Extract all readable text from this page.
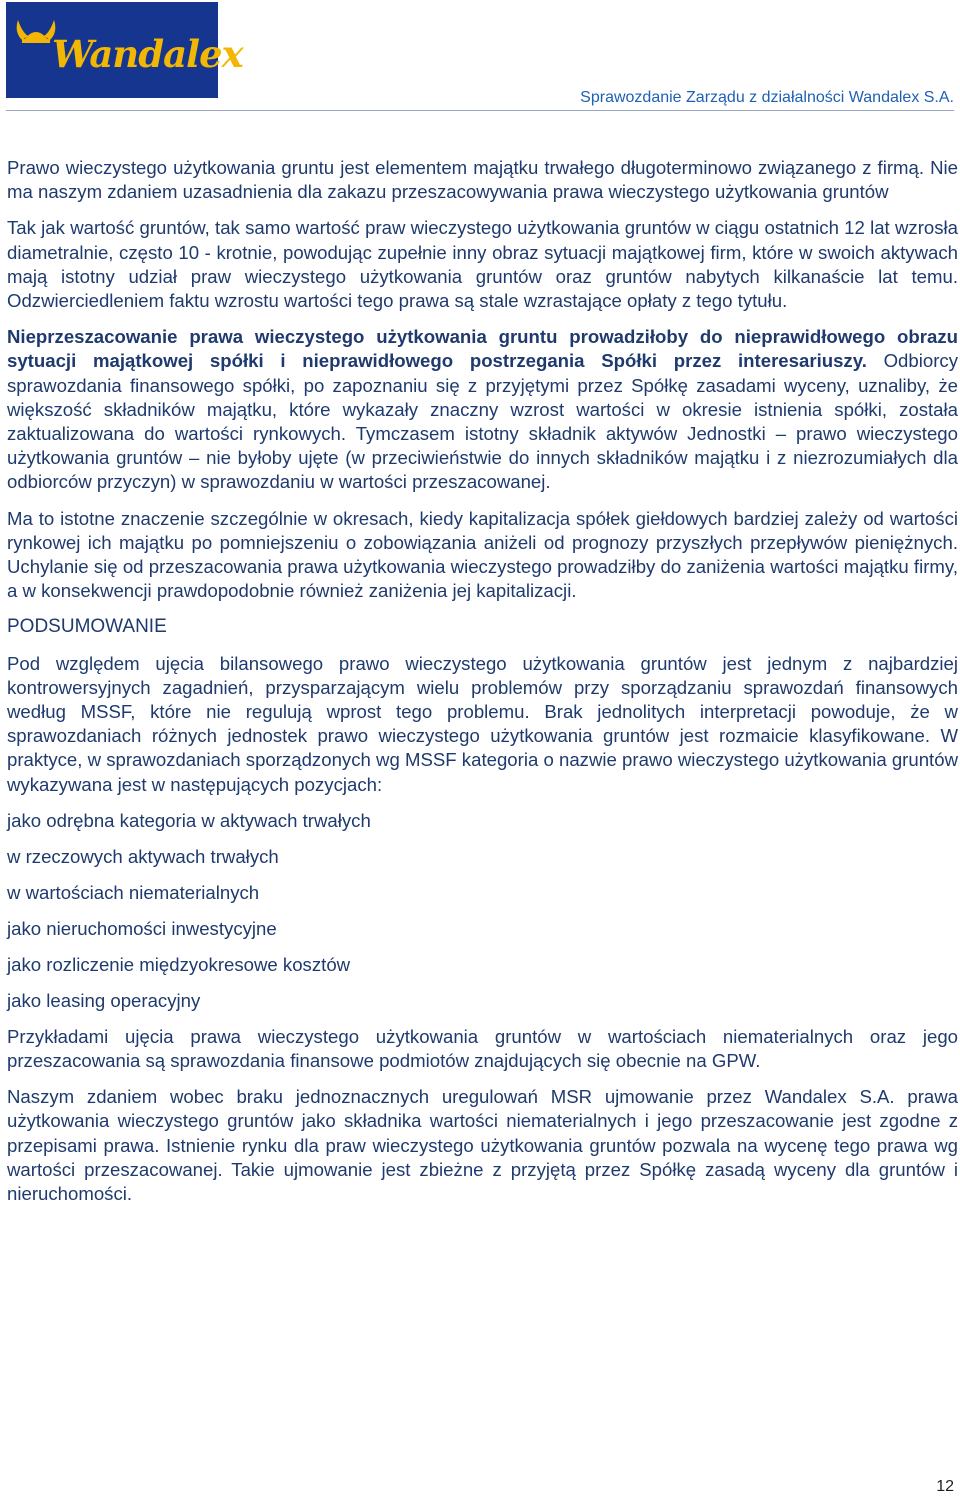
Wandalex
Sprawozdanie Zarządu z działalności Wandalex S.A.

Prawo wieczystego użytkowania gruntu jest elementem majątku trwałego długoterminowo związanego z firmą. Nie ma naszym zdaniem uzasadnienia dla zakazu przeszacowywania prawa wieczystego użytkowania gruntów

Tak jak wartość gruntów, tak samo wartość praw wieczystego użytkowania gruntów w ciągu ostatnich 12 lat wzrosła diametralnie, często 10 - krotnie, powodując zupełnie inny obraz sytuacji majątkowej firm, które w swoich aktywach mają istotny udział praw wieczystego użytkowania gruntów oraz gruntów nabytych kilkanaście lat temu. Odzwierciedleniem faktu wzrostu wartości tego prawa są stale wzrastające opłaty z tego tytułu.

Nieprzeszacowanie prawa wieczystego użytkowania gruntu prowadziłoby do nieprawidłowego obrazu sytuacji majątkowej spółki i nieprawidłowego postrzegania Spółki przez interesariuszy. Odbiorcy sprawozdania finansowego spółki, po zapoznaniu się z przyjętymi przez Spółkę zasadami wyceny, uznaliby, że większość składników majątku, które wykazały znaczny wzrost wartości w okresie istnienia spółki, została zaktualizowana do wartości rynkowych. Tymczasem istotny składnik aktywów Jednostki – prawo wieczystego użytkowania gruntów – nie byłoby ujęte (w przeciwieństwie do innych składników majątku i z niezrozumiałych dla odbiorców przyczyn) w sprawozdaniu w wartości przeszacowanej.

Ma to istotne znaczenie szczególnie w okresach, kiedy kapitalizacja spółek giełdowych bardziej zależy od wartości rynkowej ich majątku po pomniejszeniu o zobowiązania aniżeli od prognozy przyszłych przepływów pieniężnych. Uchylanie się od przeszacowania prawa użytkowania wieczystego prowadziłby do zaniżenia wartości majątku firmy, a w konsekwencji prawdopodobnie również zaniżenia jej kapitalizacji.

PODSUMOWANIE

Pod względem ujęcia bilansowego prawo wieczystego użytkowania gruntów jest jednym z najbardziej kontrowersyjnych zagadnień, przysparzającym wielu problemów przy sporządzaniu sprawozdań finansowych według MSSF, które nie regulują wprost tego problemu. Brak jednolitych interpretacji powoduje, że w sprawozdaniach różnych jednostek prawo wieczystego użytkowania gruntów jest rozmaicie klasyfikowane. W praktyce, w sprawozdaniach sporządzonych wg MSSF kategoria o nazwie prawo wieczystego użytkowania gruntów wykazywana jest w następujących pozycjach:

jako odrębna kategoria w aktywach trwałych
w rzeczowych aktywach trwałych
w wartościach niematerialnych
jako nieruchomości inwestycyjne
jako rozliczenie międzyokresowe kosztów
jako leasing operacyjny

Przykładami ujęcia prawa wieczystego użytkowania gruntów w wartościach niematerialnych oraz jego przeszacowania są sprawozdania finansowe podmiotów znajdujących się obecnie na GPW.

Naszym zdaniem wobec braku jednoznacznych uregulowań MSR ujmowanie przez Wandalex S.A. prawa użytkowania wieczystego gruntów jako składnika wartości niematerialnych i jego przeszacowanie jest zgodne z przepisami prawa. Istnienie rynku dla praw wieczystego użytkowania gruntów pozwala na wycenę tego prawa wg wartości przeszacowanej. Takie ujmowanie jest zbieżne z przyjętą przez Spółkę zasadą wyceny dla gruntów i nieruchomości.

12
